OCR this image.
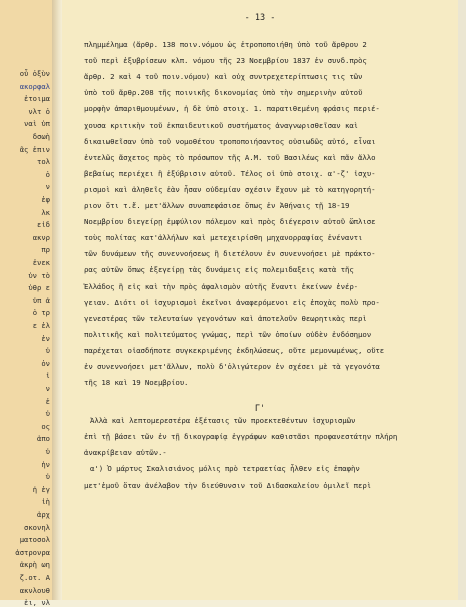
οὖ ὀξὺν
ακορφαλ
ἐτοιμα
νλτ ὁ
ναὶ ὑπ
δσωὴ
ᾶς ἐπιν
τολ
ὁ
ν
ἐφ
λκ
εἰδ
ακνρ
πρ
ἐνεκ
ὑν τὸ
ὑθρ ε
ὑπ ἀ
ὁ τρ
ε ἐλ
ἐν
ὑ
ὁν
ἰ
ν
ἐ
ὑ
ος
ἀπο
ὑ
ἡν
ὑ
ἡ ἐγ
ἰὴ
ἀρχ
σκονηλ
ματοσολ
ἀστρονρα
ἀκρὴ ωη
ζ.οτ. Α
ακνλουθ
ἑι, νλ
- 13 -
πλημμέλημα (ἄρθρ. 138 ποιν.νόμου ὡς ἐτροποποιήθη ὑπὸ τοῦ ἄρθρου 2
τοῦ περὶ ἐξυβρίσεων κλπ. νόμου τῆς 23 Νοεμβρίου 1837 ἐν συνδ.πρὸς
ἄρθρ. 2 καὶ 4 τοῦ ποιν.νόμου) καὶ οὐχ συντρεχετερίπτωσις τις τῶν
ὑπὸ τοῦ ἄρθρ.208 τῆς ποινικῆς δικονομίας ὑπὸ τὴν σημερινὴν αὐτοῦ
μορφὴν ἀπαριθμουμένων, ἡ δὲ ὑπὸ στοιχ. 1. παρατιθεμένη φράσις περιέ-
χουσα κριτικὴν τοῦ ἐκπαιδευτικοῦ συστήματος ἀναγνωρισθεῖσαν καὶ
δικαιωθεῖσαν ὑπὸ τοῦ νομοθέτου τροποποιήσαντος οὐσιωδῶς αὐτό, εἶναι
ἐντελῶς ἄσχετος πρὸς τὸ πρόσωπον τῆς Α.Μ. τοῦ Βασιλέως καὶ πᾶν ἄλλο
βεβαίως περιέχει ἢ ἐξύβρισιν αὐτοῦ. Τέλος οἱ ὑπὸ στοιχ. α'-ζ' ἰσχυ-
ρισμοὶ καὶ ἀληθεῖς ἐὰν ἦσαν οὐδεμίαν σχέσιν ἔχουν μὲ τὸ κατηγορητή-
ριον ὅτι τ.ἔ. μετ'ἄλλων συναπεφάσισε ὅπως ἐν Ἀθήναις τῇ 18-19
Νοεμβρίου διεγείρῃ ἐμφύλιον πόλεμον καὶ πρὸς διέγερσιν αὐτοῦ ὥπλισε
τοὺς πολίτας κατ'ἀλλήλων καὶ μετεχειρίσθη μηχανορραφίας ἐνέναντι
τῶν δυνάμεων τῆς συνεννοήσεως ἢ διετέλουν ἐν συνεννοήσει μὲ πράκτο-
ρας αὐτῶν ὅπως ἐξεγείρῃ τὰς δυνάμεις εἰς πολεμιδαξεις κατὰ τῆς
Ἑλλάδος ἢ εἰς καὶ τὴν πρὸς ἀφαλισμὸν αὐτῆς ἔναντι ἐκείνων ἐνέρ-
γειαν. Διότι οἱ ἰσχυρισμοὶ ἐκεῖνοι ἀναφερόμενοι εἰς ἐποχὰς πολὺ προ-
γενεστέρας τῶν τελευταίων γεγονότων καὶ ἀποτελοῦν θεωρητικὰς περὶ
πολιτικῆς καὶ πολιτεύματος γνώμας, περὶ τῶν ὁποίων οὐδὲν ἐνδόσημον
παρέχεται οἱασδήποτε συγκεκριμένης ἐκδηλώσεως, οὔτε μεμονωμένως, οὔτε
ἐν συνεννοήσει μετ'ἄλλων, πολὺ δ'ὀλιγώτερον ἐν σχέσει μὲ τὰ γεγονότα
τῆς 18 καὶ 19 Νοεμβρίου.
Ἀλλὰ καὶ λεπτομερεστέρα ἐξέτασις τῶν προεκτεθέντων ἰσχυρισμῶν
ἐπὶ τῇ βάσει τῶν ἐν τῇ δικογραφίᾳ ἐγγράφων καθιστᾶσι προφανεστάτην πλήρη
ἀνακρίβειαν αὐτῶν.-
α') Ὁ μάρτυς Σκαλισιάνος μόλις πρὸ τετραετίας ἦλθεν εἰς ἐπαφὴν
μετ'ἐμοῦ ὅταν ἀνέλαβον τὴν διεύθυνσιν τοῦ Διδασκαλείου ὁμιλεῖ περὶ
Γ'
